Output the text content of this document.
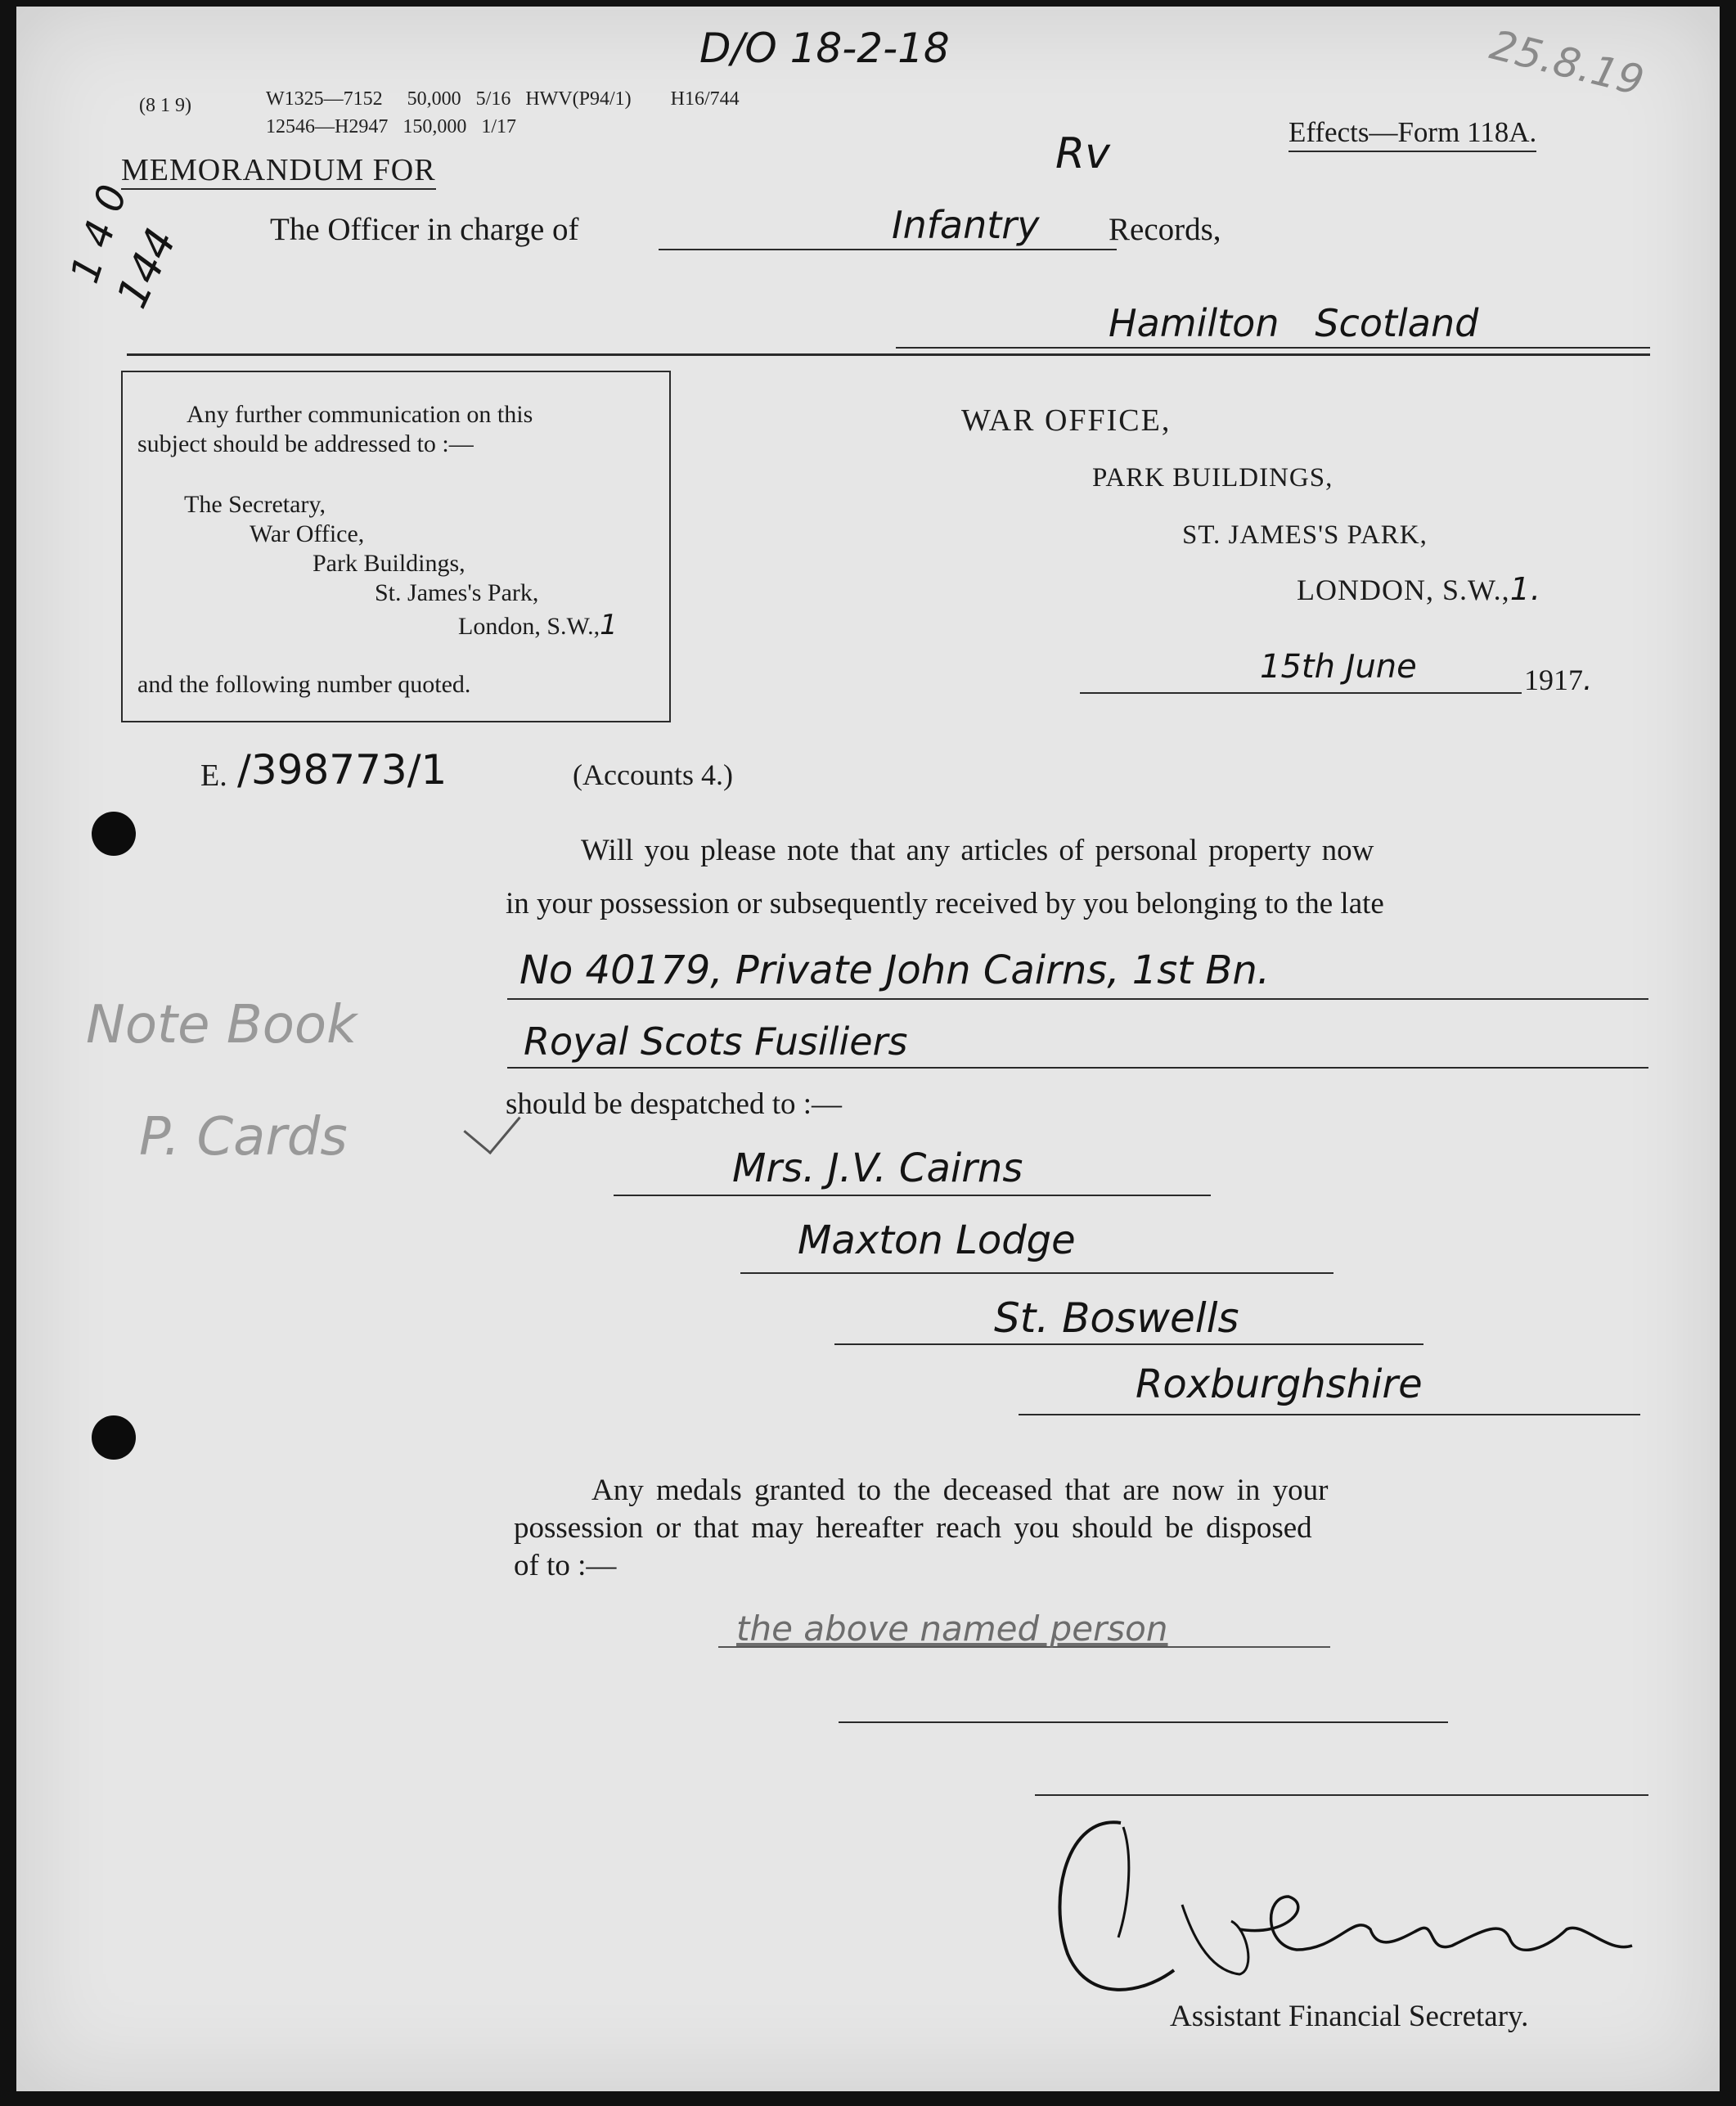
D/O 18-2-18	25.8.19
Rv
1 4 0
144
(8 1 9)	W1325—7152     50,000   5/16   HWV(P94/1)        H16/744
12546—H2947   150,000   1/17	Effects—Form 118A.
MEMORANDUM FOR
The Officer in charge of	Infantry Records,
Hamilton   Scotland
Any further communication on this
subject should be addressed to :—
The Secretary,
War Office,
Park Buildings,
St. James's Park,
London, S.W.,1
and the following number quoted.
WAR OFFICE,
PARK BUILDINGS,
ST. JAMES'S PARK,
LONDON, S.W.,1.
15th June	1917.
E. /398773/1	(Accounts 4.)
Will you please note that any articles of personal property now
in your possession or subsequently received by you belonging to the late
No 40179, Private John Cairns, 1st Bn.
Royal Scots Fusiliers
should be despatched to :—
Mrs. J.V. Cairns
Maxton Lodge
St. Boswells
Roxburghshire
Any medals granted to the deceased that are now in your
possession or that may hereafter reach you should be disposed
of to :—
the above named person
Note Book
P. Cards
Assistant Financial Secretary.
